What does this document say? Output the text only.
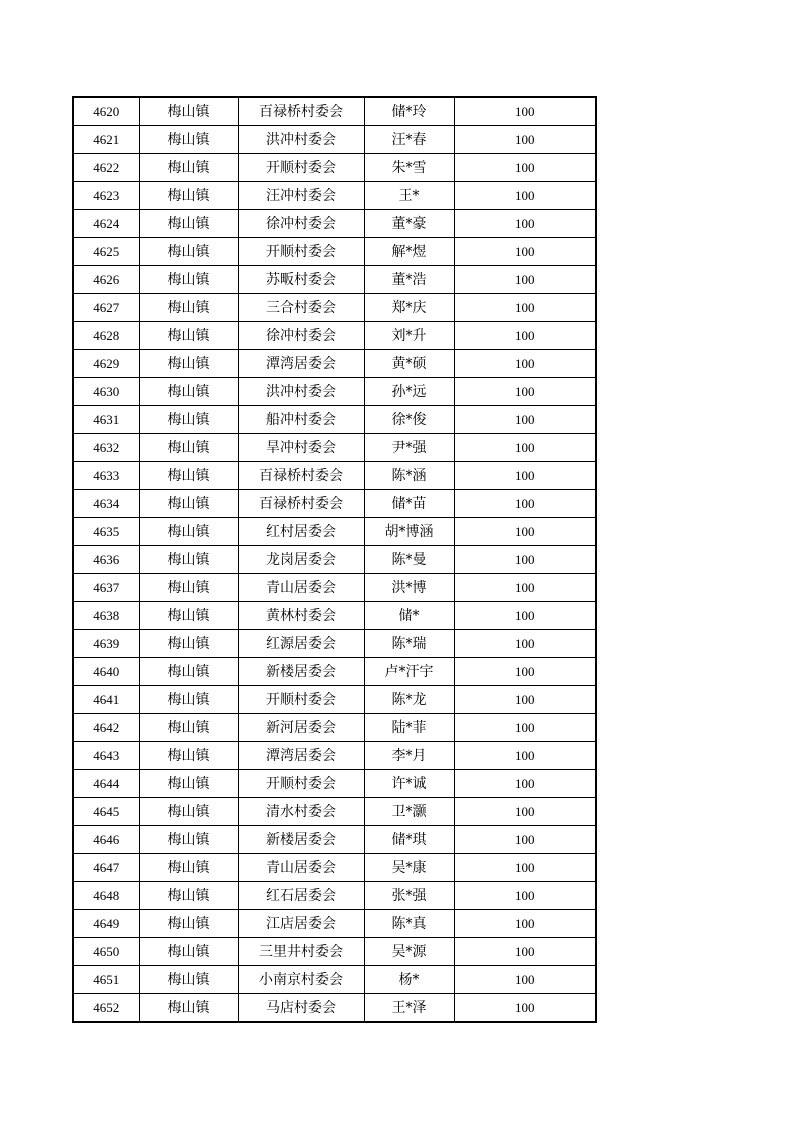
4620	梅山镇	百禄桥村委会	储*玲	100
4621	梅山镇	洪冲村委会	汪*春	100
4622	梅山镇	开顺村委会	朱*雪	100
4623	梅山镇	汪冲村委会	王*	100
4624	梅山镇	徐冲村委会	董*豪	100
4625	梅山镇	开顺村委会	解*煜	100
4626	梅山镇	苏畈村委会	董*浩	100
4627	梅山镇	三合村委会	郑*庆	100
4628	梅山镇	徐冲村委会	刘*升	100
4629	梅山镇	潭湾居委会	黄*硕	100
4630	梅山镇	洪冲村委会	孙*远	100
4631	梅山镇	船冲村委会	徐*俊	100
4632	梅山镇	旱冲村委会	尹*强	100
4633	梅山镇	百禄桥村委会	陈*涵	100
4634	梅山镇	百禄桥村委会	储*苗	100
4635	梅山镇	红村居委会	胡*博涵	100
4636	梅山镇	龙岗居委会	陈*曼	100
4637	梅山镇	青山居委会	洪*博	100
4638	梅山镇	黄林村委会	储*	100
4639	梅山镇	红源居委会	陈*瑞	100
4640	梅山镇	新楼居委会	卢*汗宇	100
4641	梅山镇	开顺村委会	陈*龙	100
4642	梅山镇	新河居委会	陆*菲	100
4643	梅山镇	潭湾居委会	李*月	100
4644	梅山镇	开顺村委会	许*诚	100
4645	梅山镇	清水村委会	卫*灏	100
4646	梅山镇	新楼居委会	储*琪	100
4647	梅山镇	青山居委会	吴*康	100
4648	梅山镇	红石居委会	张*强	100
4649	梅山镇	江店居委会	陈*真	100
4650	梅山镇	三里井村委会	吴*源	100
4651	梅山镇	小南京村委会	杨*	100
4652	梅山镇	马店村委会	王*泽	100
